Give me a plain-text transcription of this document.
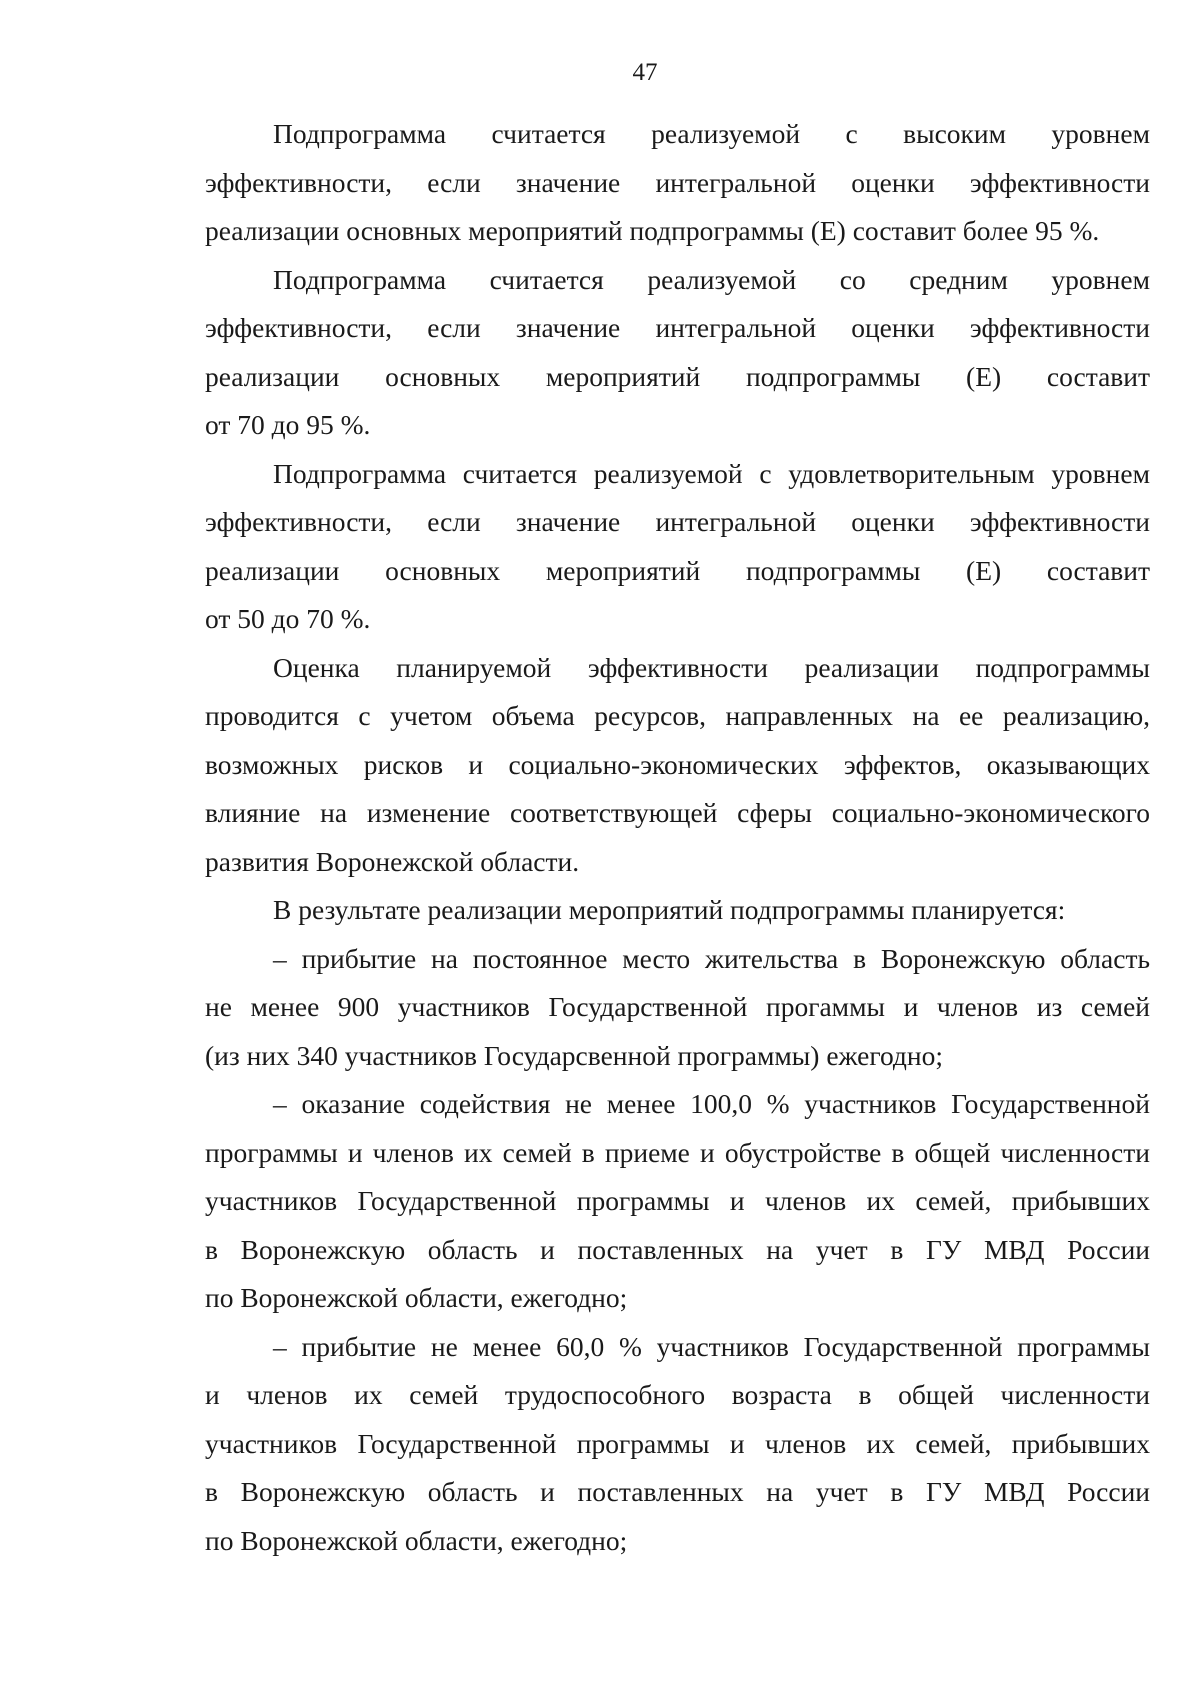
47
Подпрограмма считается реализуемой с высоким уровнем
эффективности, если значение интегральной оценки эффективности
реализации основных мероприятий подпрограммы (E) составит более 95 %.
Подпрограмма считается реализуемой со средним уровнем
эффективности, если значение интегральной оценки эффективности
реализации основных мероприятий подпрограммы (E) составит
от 70 до 95 %.
Подпрограмма считается реализуемой с удовлетворительным уровнем
эффективности, если значение интегральной оценки эффективности
реализации основных мероприятий подпрограммы (E) составит
от 50 до 70 %.
Оценка планируемой эффективности реализации подпрограммы
проводится с учетом объема ресурсов, направленных на ее реализацию,
возможных рисков и социально-экономических эффектов, оказывающих
влияние на изменение соответствующей сферы социально-экономического
развития Воронежской области.
В результате реализации мероприятий подпрограммы планируется:
– прибытие на постоянное место жительства в Воронежскую область
не менее 900 участников Государственной прогаммы и членов из семей
(из них 340 участников Государсвенной программы) ежегодно;
– оказание содействия не менее 100,0 % участников Государственной
программы и членов их семей в приеме и обустройстве в общей численности
участников Государственной программы и членов их семей, прибывших
в Воронежскую область и поставленных на учет в ГУ МВД России
по Воронежской области, ежегодно;
– прибытие не менее 60,0 % участников Государственной программы
и членов их семей трудоспособного возраста в общей численности
участников Государственной программы и членов их семей, прибывших
в Воронежскую область и поставленных на учет в ГУ МВД России
по Воронежской области, ежегодно;
